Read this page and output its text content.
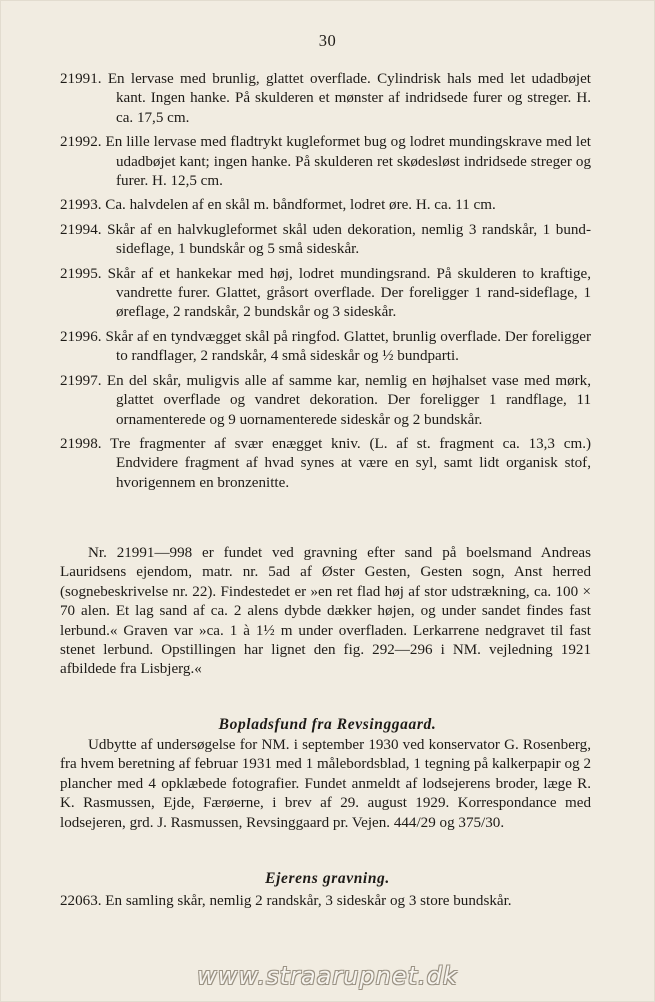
30
21991. En lervase med brunlig, glattet overflade. Cylindrisk hals med let udadbøjet kant. Ingen hanke. På skulderen et mønster af indridsede furer og streger. H. ca. 17,5 cm.
21992. En lille lervase med fladtrykt kugleformet bug og lodret mundingskrave med let udadbøjet kant; ingen hanke. På skulderen ret skødesløst indridsede streger og furer. H. 12,5 cm.
21993. Ca. halvdelen af en skål m. båndformet, lodret øre. H. ca. 11 cm.
21994. Skår af en halvkugleformet skål uden dekoration, nemlig 3 randskår, 1 bund-sideflage, 1 bundskår og 5 små sideskår.
21995. Skår af et hankekar med høj, lodret mundingsrand. På skulderen to kraftige, vandrette furer. Glattet, gråsort overflade. Der foreligger 1 rand-sideflage, 1 øreflage, 2 randskår, 2 bundskår og 3 sideskår.
21996. Skår af en tyndvægget skål på ringfod. Glattet, brunlig overflade. Der foreligger to randflager, 2 randskår, 4 små sideskår og ½ bundparti.
21997. En del skår, muligvis alle af samme kar, nemlig en højhalset vase med mørk, glattet overflade og vandret dekoration. Der foreligger 1 randflage, 11 ornamenterede og 9 uornamenterede sideskår og 2 bundskår.
21998. Tre fragmenter af svær enægget kniv. (L. af st. fragment ca. 13,3 cm.) Endvidere fragment af hvad synes at være en syl, samt lidt organisk stof, hvorigennem en bronzenitte.

Nr. 21991—998 er fundet ved gravning efter sand på boelsmand Andreas Lauridsens ejendom, matr. nr. 5ad af Øster Gesten, Gesten sogn, Anst herred (sognebeskrivelse nr. 22). Findestedet er »en ret flad høj af stor udstrækning, ca. 100 × 70 alen. Et lag sand af ca. 2 alens dybde dækker højen, og under sandet findes fast lerbund.« Graven var »ca. 1 à 1½ m under overfladen. Lerkarrene nedgravet til fast stenet lerbund. Opstillingen har lignet den fig. 292—296 i NM. vejledning 1921 afbildede fra Lisbjerg.«

Bopladsfund fra Revsinggaard.

Udbytte af undersøgelse for NM. i september 1930 ved konservator G. Rosenberg, fra hvem beretning af februar 1931 med 1 målebordsblad, 1 tegning på kalkerpapir og 2 plancher med 4 opklæbede fotografier. Fundet anmeldt af lodsejerens broder, læge R. K. Rasmussen, Ejde, Færøerne, i brev af 29. august 1929. Korrespondance med lodsejeren, grd. J. Rasmussen, Revsinggaard pr. Vejen. 444/29 og 375/30.

Ejerens gravning.

22063. En samling skår, nemlig 2 randskår, 3 sideskår og 3 store bundskår.

www.straarupnet.dk
